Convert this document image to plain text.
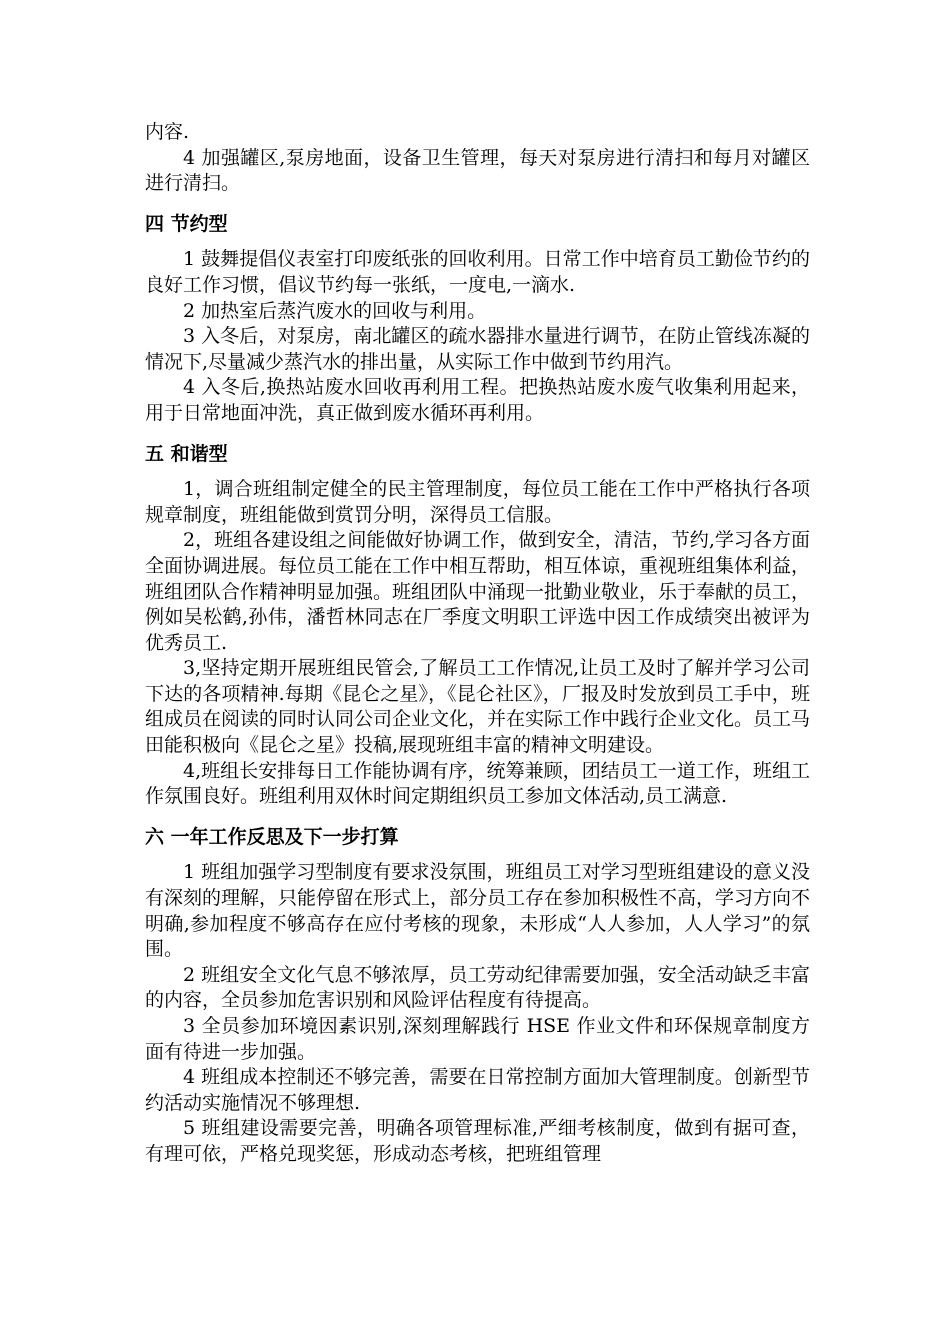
内容.

4 加强罐区,泵房地面，设备卫生管理，每天对泵房进行清扫和每月对罐区进行清扫。

四 节约型

1 鼓舞提倡仪表室打印废纸张的回收利用。日常工作中培育员工勤俭节约的良好工作习惯，倡议节约每一张纸，一度电,一滴水.

2 加热室后蒸汽废水的回收与利用。

3 入冬后，对泵房，南北罐区的疏水器排水量进行调节，在防止管线冻凝的情况下,尽量减少蒸汽水的排出量，从实际工作中做到节约用汽。

4 入冬后,换热站废水回收再利用工程。把换热站废水废气收集利用起来，用于日常地面冲洗，真正做到废水循环再利用。

五 和谐型

1，调合班组制定健全的民主管理制度，每位员工能在工作中严格执行各项规章制度，班组能做到赏罚分明，深得员工信服。

2，班组各建设组之间能做好协调工作，做到安全，清洁，节约,学习各方面全面协调进展。每位员工能在工作中相互帮助，相互体谅，重视班组集体利益，班组团队合作精神明显加强。班组团队中涌现一批勤业敬业，乐于奉献的员工，例如吴松鹤,孙伟，潘哲林同志在厂季度文明职工评选中因工作成绩突出被评为优秀员工.

3,坚持定期开展班组民管会,了解员工工作情况,让员工及时了解并学习公司下达的各项精神.每期《昆仑之星》，《昆仑社区》，厂报及时发放到员工手中，班组成员在阅读的同时认同公司企业文化，并在实际工作中践行企业文化。员工马田能积极向《昆仑之星》投稿,展现班组丰富的精神文明建设。

4,班组长安排每日工作能协调有序，统筹兼顾，团结员工一道工作，班组工作氛围良好。班组利用双休时间定期组织员工参加文体活动,员工满意.

六 一年工作反思及下一步打算

1 班组加强学习型制度有要求没氛围，班组员工对学习型班组建设的意义没有深刻的理解，只能停留在形式上，部分员工存在参加积极性不高，学习方向不明确,参加程度不够高存在应付考核的现象，未形成“人人参加，人人学习”的氛围。

2 班组安全文化气息不够浓厚，员工劳动纪律需要加强，安全活动缺乏丰富的内容，全员参加危害识别和风险评估程度有待提高。

3 全员参加环境因素识别,深刻理解践行 HSE 作业文件和环保规章制度方面有待进一步加强。

4 班组成本控制还不够完善，需要在日常控制方面加大管理制度。创新型节约活动实施情况不够理想.

5 班组建设需要完善，明确各项管理标准,严细考核制度，做到有据可查，有理可依，严格兑现奖惩，形成动态考核，把班组管理
